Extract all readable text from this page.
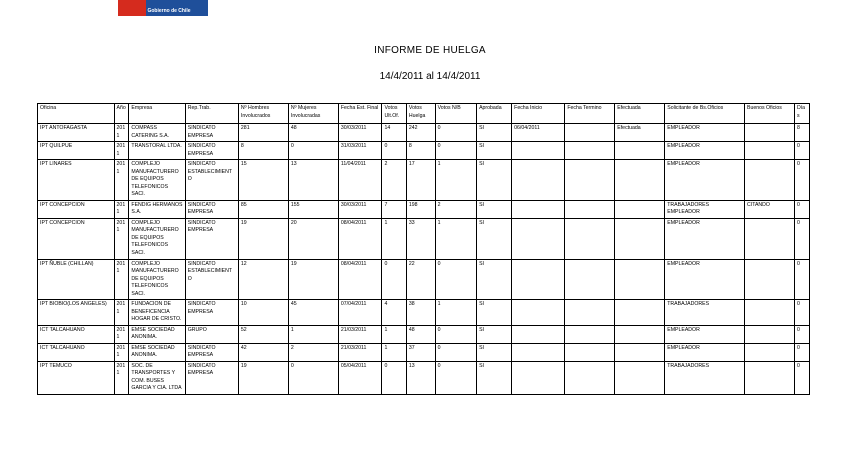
Gobierno de Chile
INFORME DE HUELGA
14/4/2011 al 14/4/2011
Oficina	Año	Empresa	Rep.Trab.	Nº Hombres Involucrados	Nº Mujeres Involucradas	Fecha Est. Final	Votos Ult.Of.	Votos Huelga	Votos N/B	Aprobada	Fecha Inicio	Fecha Termino	Efectuada	Solicitante de Bs.Oficios	Buenos Oficios	Días
IPT ANTOFAGASTA	2011	COMPASS CATERING S.A.	SINDICATO EMPRESA	281	48	30/03/2011	14	242	0	SI	06/04/2011		Efectuada	EMPLEADOR		8
IPT QUILPUE	2011	TRANSTORAL LTDA.	SINDICATO EMPRESA	8	0	31/03/2011	0	8	0	SI				EMPLEADOR		0
IPT LINARES	2011	COMPLEJO MANUFACTURERO DE EQUIPOS TELEFONICOS SACI.	SINDICATO ESTABLECIMIENTO	15	13	11/04/2011	2	17	1	SI				EMPLEADOR		0
IPT CONCEPCION	2011	FENDIG HERMANOS S.A.	SINDICATO EMPRESA	85	155	30/03/2011	7	198	2	SI				TRABAJADORES EMPLEADOR	CITANDO	0
IPT CONCEPCION	2011	COMPLEJO MANUFACTURERO DE EQUIPOS TELEFONICOS SACI.	SINDICATO EMPRESA	19	20	08/04/2011	1	33	1	SI				EMPLEADOR		0
IPT ÑUBLE (CHILLAN)	2011	COMPLEJO MANUFACTURERO DE EQUIPOS TELEFONICOS SACI.	SINDICATO ESTABLECIMIENTO	12	19	08/04/2011	0	22	0	SI				EMPLEADOR		0
IPT BIOBIO(LOS ANGELES)	2011	FUNDACION DE BENEFICENCIA HOGAR DE CRISTO.	SINDICATO EMPRESA	10	45	07/04/2011	4	38	1	SI				TRABAJADORES		0
ICT TALCAHUANO	2011	EMSE SOCIEDAD ANONIMA.	GRUPO	52	1	21/03/2011	1	48	0	SI				EMPLEADOR		0
ICT TALCAHUANO	2011	EMSE SOCIEDAD ANONIMA.	SINDICATO EMPRESA	42	2	21/03/2011	1	37	0	SI				EMPLEADOR		0
IPT TEMUCO	2011	SOC. DE TRANSPORTES Y COM. BUSES GARCIA Y CIA. LTDA	SINDICATO EMPRESA	19	0	05/04/2011	0	13	0	SI				TRABAJADORES		0
